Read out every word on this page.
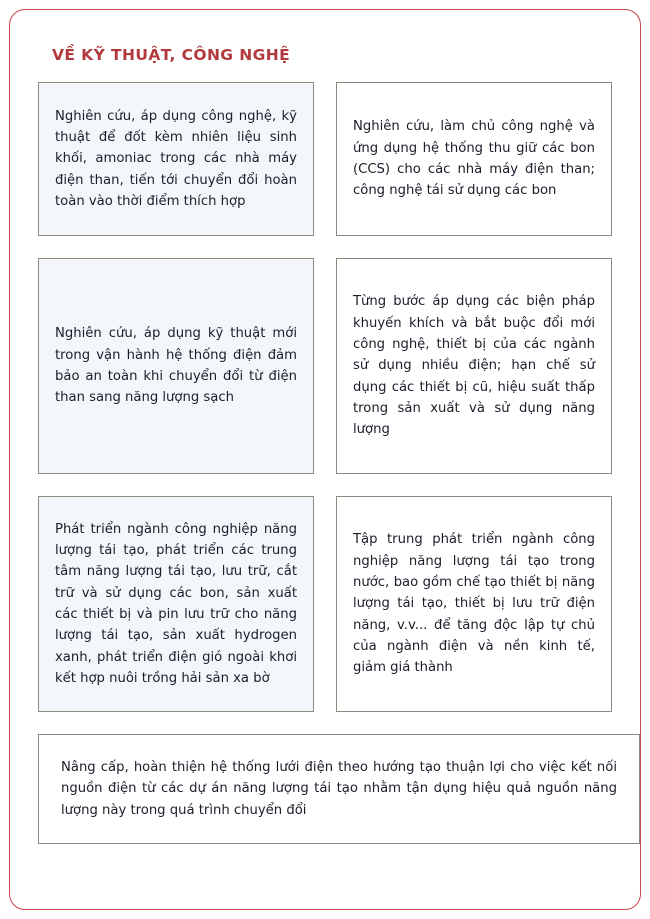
VỀ KỸ THUẬT, CÔNG NGHỆ

Nghiên cứu, áp dụng công nghệ, kỹ thuật để đốt kèm nhiên liệu sinh khối, amoniac trong các nhà máy điện than, tiến tới chuyển đổi hoàn toàn vào thời điểm thích hợp

Nghiên cứu, làm chủ công nghệ và ứng dụng hệ thống thu giữ các bon (CCS) cho các nhà máy điện than; công nghệ tái sử dụng các bon

Nghiên cứu, áp dụng kỹ thuật mới trong vận hành hệ thống điện đảm bảo an toàn khi chuyển đổi từ điện than sang năng lượng sạch

Từng bước áp dụng các biện pháp khuyến khích và bắt buộc đổi mới công nghệ, thiết bị của các ngành sử dụng nhiều điện; hạn chế sử dụng các thiết bị cũ, hiệu suất thấp trong sản xuất và sử dụng năng lượng

Phát triển ngành công nghiệp năng lượng tái tạo, phát triển các trung tâm năng lượng tái tạo, lưu trữ, cắt trữ và sử dụng các bon, sản xuất các thiết bị và pin lưu trữ cho năng lượng tái tạo, sản xuất hydrogen xanh, phát triển điện gió ngoài khơi kết hợp nuôi trồng hải sản xa bờ

Tập trung phát triển ngành công nghiệp năng lượng tái tạo trong nước, bao gồm chế tạo thiết bị năng lượng tái tạo, thiết bị lưu trữ điện năng, v.v... để tăng độc lập tự chủ của ngành điện và nền kinh tế, giảm giá thành

Nâng cấp, hoàn thiện hệ thống lưới điện theo hướng tạo thuận lợi cho việc kết nối nguồn điện từ các dự án năng lượng tái tạo nhằm tận dụng hiệu quả nguồn năng lượng này trong quá trình chuyển đổi
